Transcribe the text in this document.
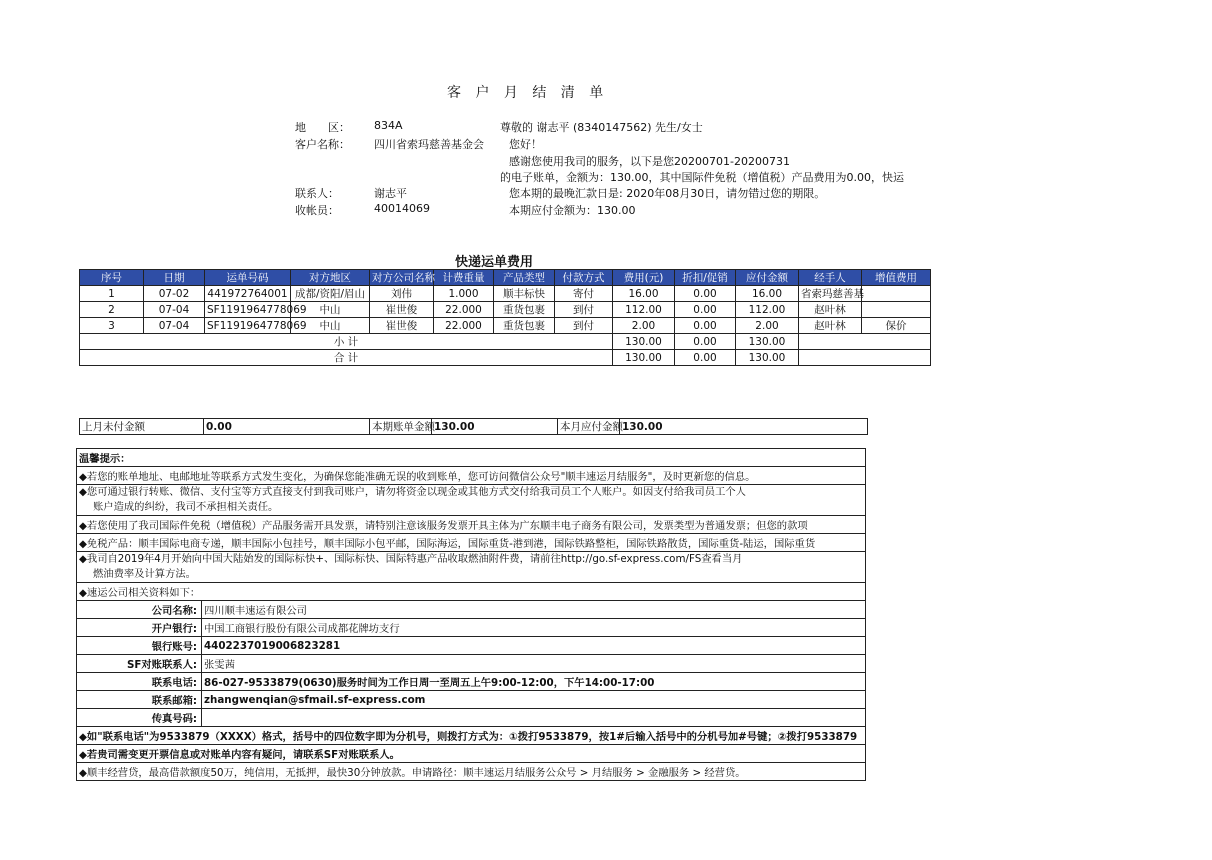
客 户 月 结 清 单
地　　区： 834A
客户名称： 四川省索玛慈善基金会
联系人：	谢志平
收帐员：	40014069
尊敬的 谢志平 (8340147562) 先生/女士
您好！
感谢您使用我司的服务，以下是您20200701-20200731
的电子账单，金额为：130.00，其中国际件免税（增值税）产品费用为0.00，快运
您本期的最晚汇款日是: 2020年08月30日，请勿错过您的期限。
本期应付金额为：130.00
快递运单费用
序号	日期	运单号码	对方地区	对方公司名称	计费重量	产品类型	付款方式	费用(元)	折扣/促销	应付金额	经手人	增值费用
1	07-02	441972764001	成都/资阳/眉山	刘伟	1.000	顺丰标快	寄付	16.00	0.00	16.00	省索玛慈善基	
2	07-04	SF1191964778069	中山	崔世俊	22.000	重货包裹	到付	112.00	0.00	112.00	赵叶林	
3	07-04	SF1191964778069	中山	崔世俊	22.000	重货包裹	到付	2.00	0.00	2.00	赵叶林	保价
小 计								130.00	0.00	130.00		
合 计								130.00	0.00	130.00		
上月未付金额	0.00	本期账单金额	130.00	本月应付金额	130.00
温馨提示：	
◆若您的账单地址、电邮地址等联系方式发生变化，为确保您能准确无误的收到账单，您可访问微信公众号"顺丰速运月结服务"，及时更新您的信息。	

◆您可通过银行转账、微信、支付宝等方式直接支付到我司账户，请勿将资金以现金或其他方式交付给我司员工个人账户。如因支付给我司员工个人
账户造成的纠纷，我司不承担相关责任。	

◆若您使用了我司国际件免税（增值税）产品服务需开具发票，请特别注意该服务发票开具主体为广东顺丰电子商务有限公司，发票类型为普通发票；但您的款项	
◆免税产品：顺丰国际电商专递，顺丰国际小包挂号，顺丰国际小包平邮，国际海运，国际重货-港到港，国际铁路整柜，国际铁路散货，国际重货-陆运，国际重货	

◆我司自2019年4月开始向中国大陆始发的国际标快+、国际标快、国际特惠产品收取燃油附件费，请前往http://go.sf-express.com/FS查看当月
燃油费率及计算方法。	

◆速运公司相关资料如下：	
公司名称:	四川顺丰速运有限公司
开户银行:	中国工商银行股份有限公司成都花牌坊支行
银行账号:	4402237019006823281
SF对账联系人:	张雯茜
联系电话:	86-027-9533879(0630)服务时间为工作日周一至周五上午9:00-12:00，下午14:00-17:00
联系邮箱:	zhangwenqian@sfmail.sf-express.com
传真号码:	
◆如"联系电话"为9533879（XXXX）格式，括号中的四位数字即为分机号，则拨打方式为：①拨打9533879，按1#后输入括号中的分机号加#号键；②拨打9533879	
◆若贵司需变更开票信息或对账单内容有疑问，请联系SF对账联系人。	
◆顺丰经营贷，最高借款额度50万，纯信用，无抵押，最快30分钟放款。申请路径：顺丰速运月结服务公众号 > 月结服务 > 金融服务 > 经营贷。	
